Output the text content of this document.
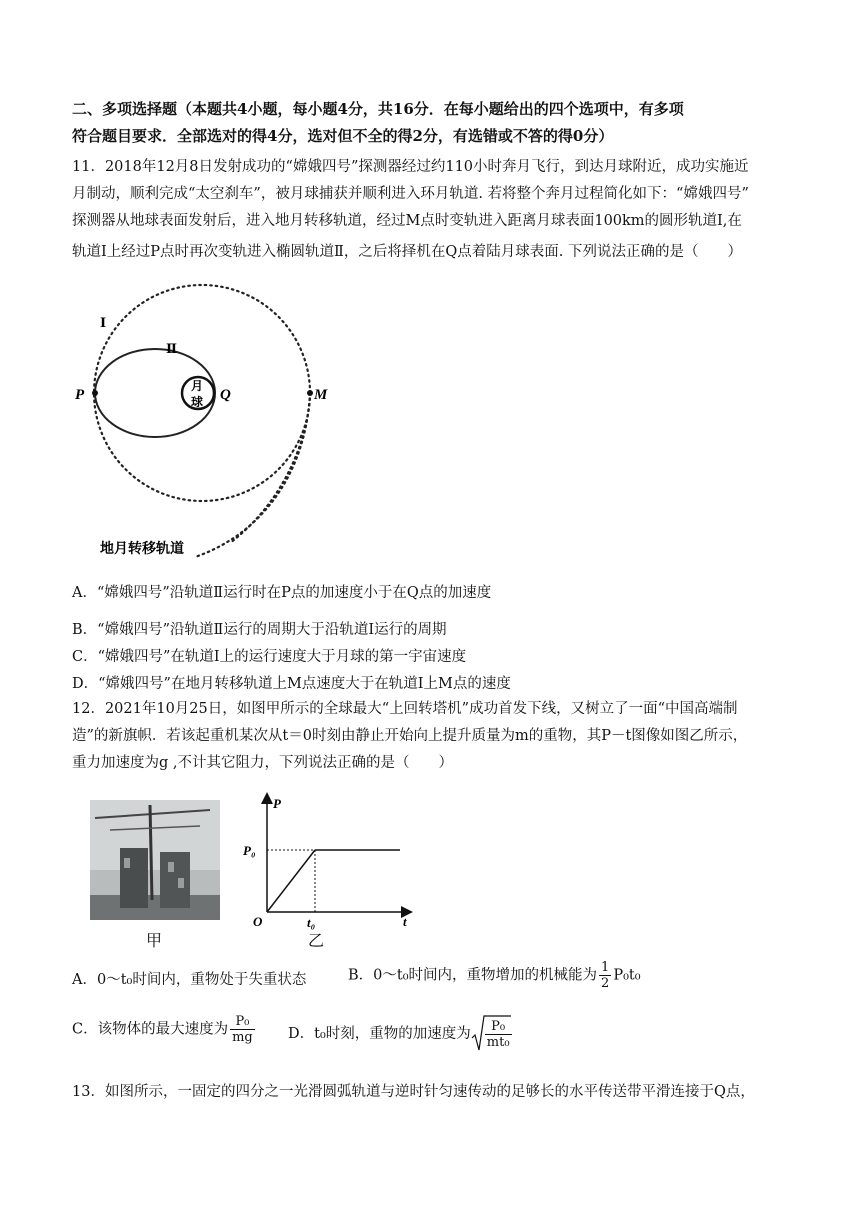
二、多项选择题（本题共4小题，每小题4分，共16分．在每小题给出的四个选项中，有多项
符合题目要求．全部选对的得4分，选对但不全的得2分，有选错或不答的得0分）
11．2018年12月8日发射成功的“嫦娥四号”探测器经过约110小时奔月飞行，到达月球附近，成功实施近
月制动，顺利完成“太空刹车”，被月球捕获并顺利进入环月轨道. 若将整个奔月过程简化如下：“嫦娥四号”
探测器从地球表面发射后，进入地月转移轨道，经过M点时变轨进入距离月球表面100km的圆形轨道Ⅰ,在
轨道Ⅰ上经过P点时再次变轨进入椭圆轨道Ⅱ，之后将择机在Q点着陆月球表面. 下列说法正确的是（　　）
P	Q	M
Ⅰ
Ⅱ
月
球
地月转移轨道
A．“嫦娥四号”沿轨道Ⅱ运行时在P点的加速度小于在Q点的加速度
B．“嫦娥四号”沿轨道Ⅱ运行的周期大于沿轨道Ⅰ运行的周期
C．“嫦娥四号”在轨道Ⅰ上的运行速度大于月球的第一宇宙速度
D．“嫦娥四号”在地月转移轨道上M点速度大于在轨道Ⅰ上M点的速度
12．2021年10月25日，如图甲所示的全球最大“上回转塔机”成功首发下线，又树立了一面“中国高端制
造”的新旗帜．若该起重机某次从t＝0时刻由静止开始向上提升质量为m的重物，其P－t图像如图乙所示，
重力加速度为g ,不计其它阻力，下列说法正确的是（　　）
甲
P
t
P₀
t₀
O
乙
A．0～t₀时间内，重物处于失重状态	B．0～t₀时间内，重物增加的机械能为 $\frac{1}{2} P_0t_0$
C．该物体的最大速度为 $\frac{\text{P₀}}{mg}$ D．t₀时刻，重物的加速度为 $\frac{\text{P₀}}{\text{mt₀}}$
13．如图所示，一固定的四分之一光滑圆弧轨道与逆时针匀速传动的足够长的水平传送带平滑连接于Q点，
